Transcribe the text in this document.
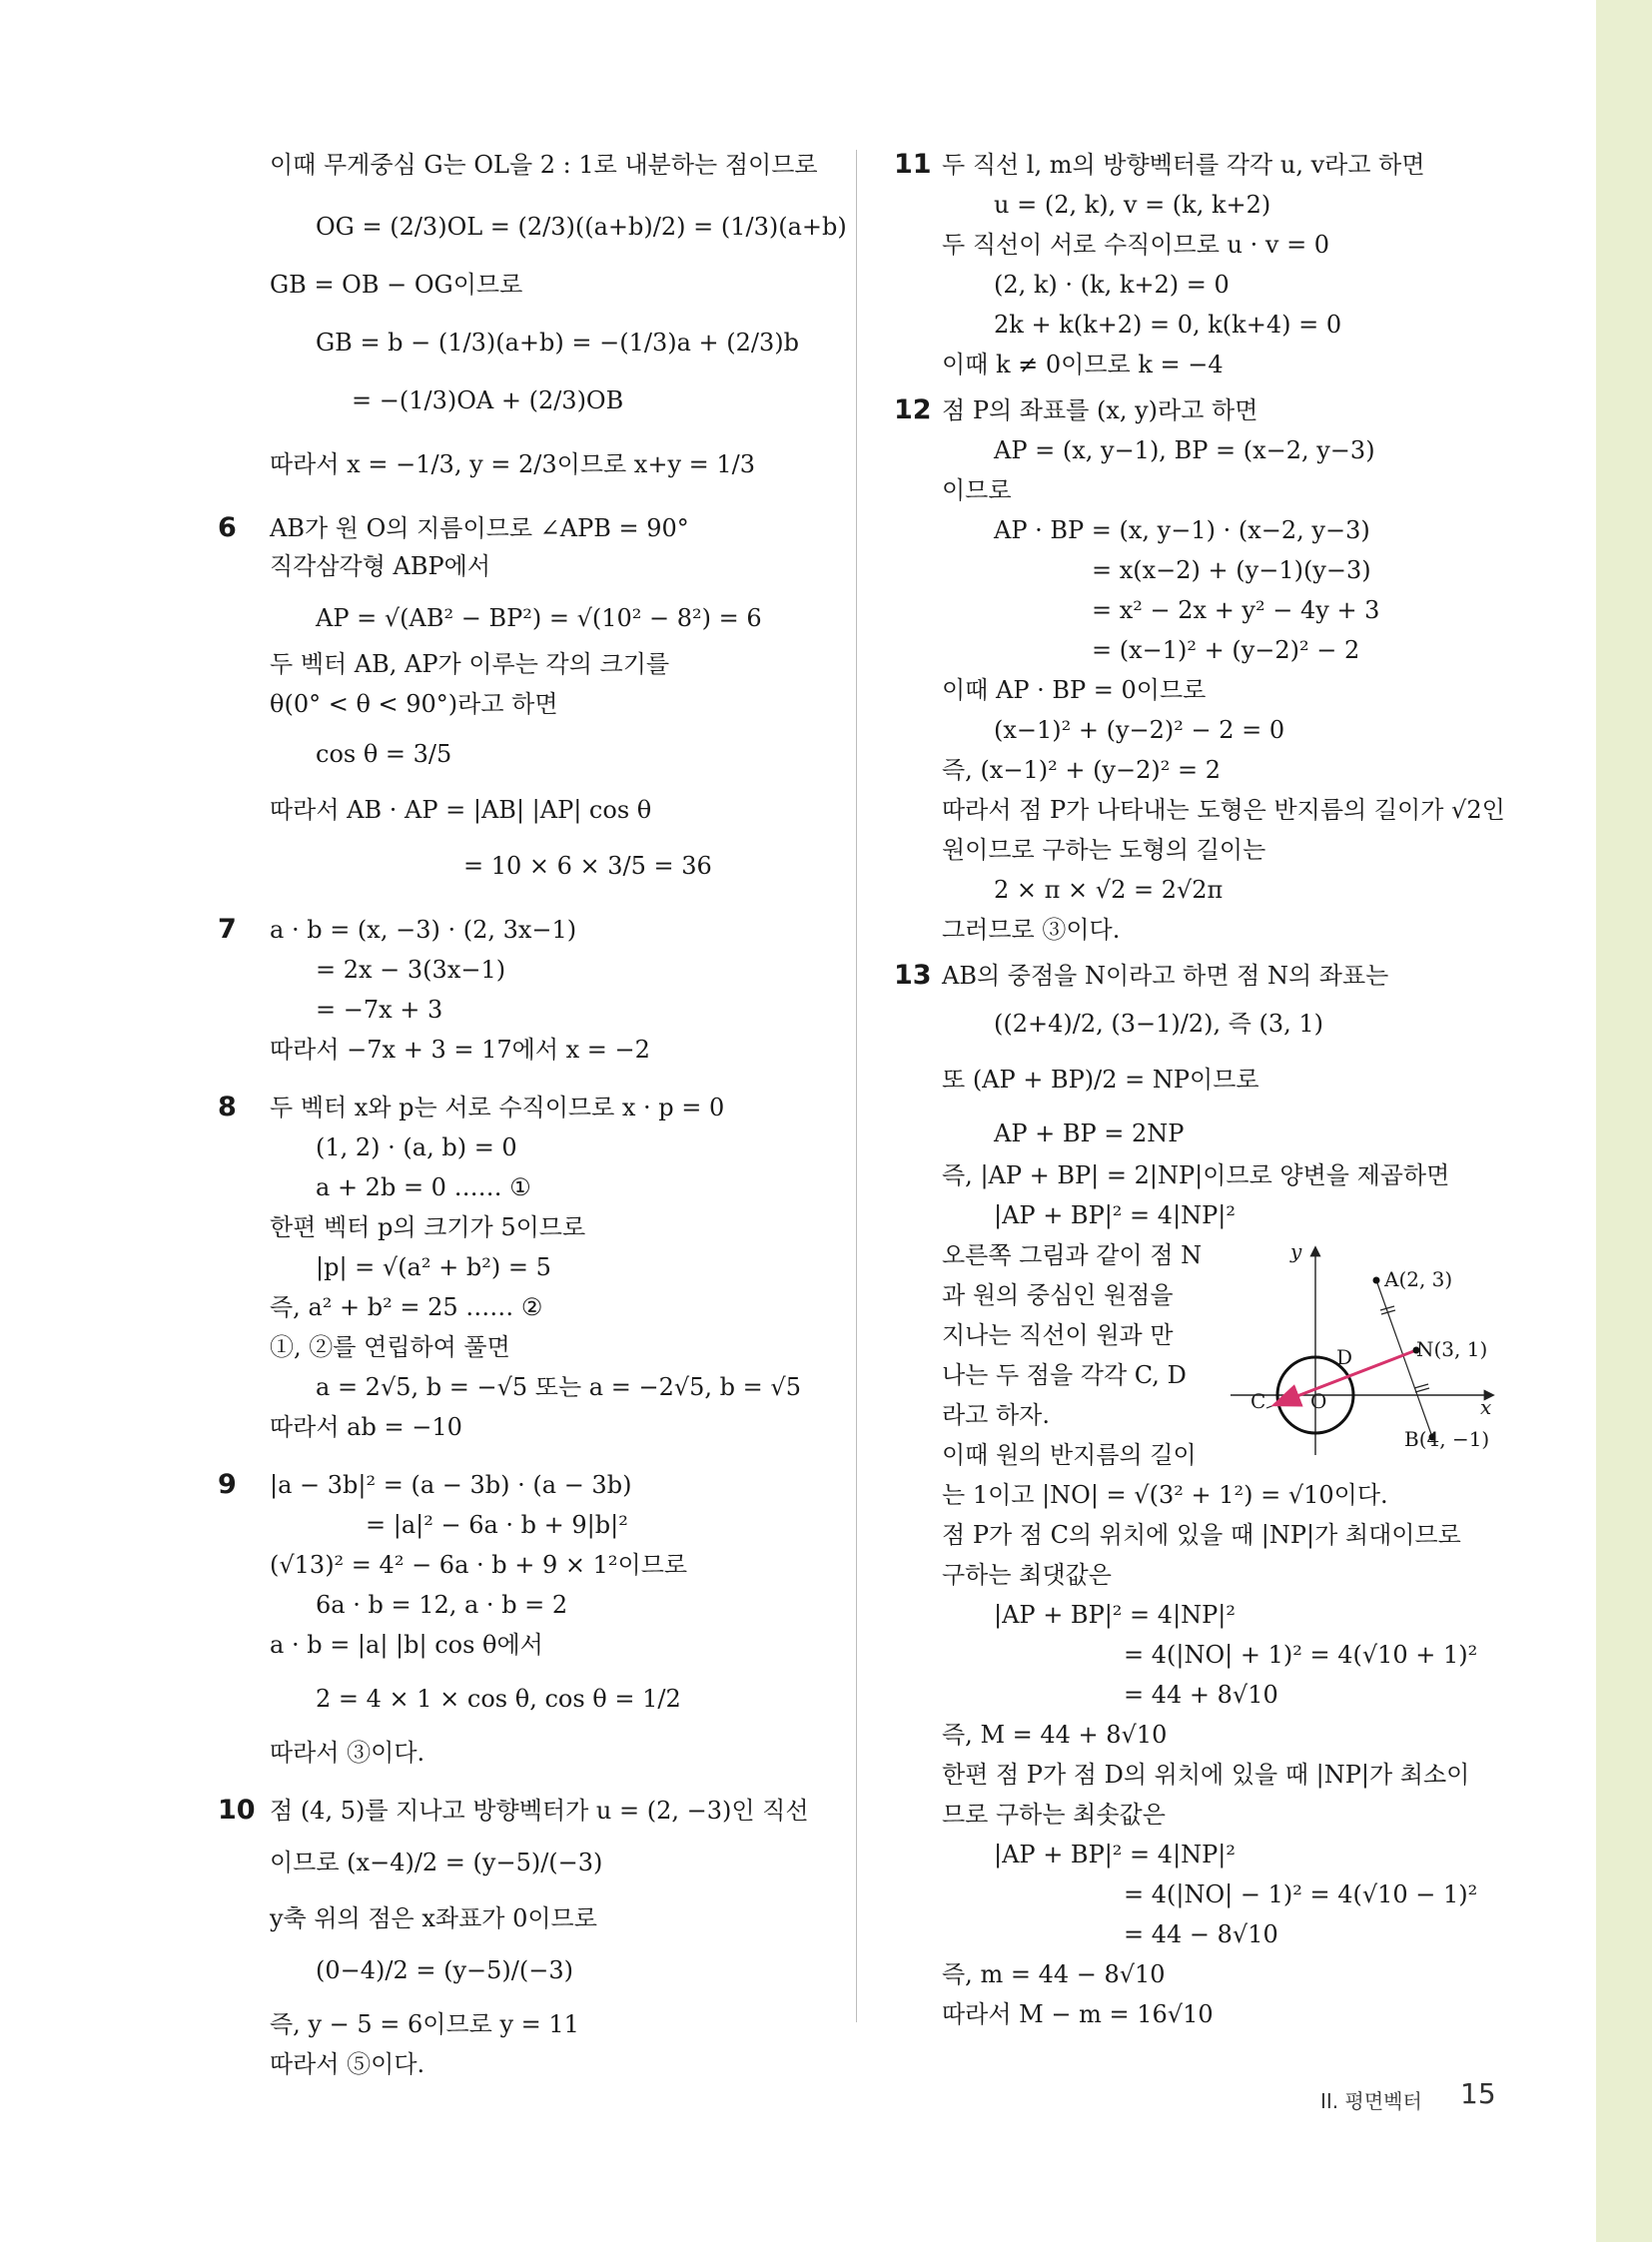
이때 무게중심 G는 OL을 2 : 1로 내분하는 점이므로
OG = (2/3)OL = (2/3)((a+b)/2) = (1/3)(a+b)
GB = OB − OG이므로
GB = b − (1/3)(a+b) = −(1/3)a + (2/3)b
= −(1/3)OA + (2/3)OB
따라서 x = −1/3, y = 2/3이므로 x+y = 1/3
6 AB가 원 O의 지름이므로 ∠APB = 90°
직각삼각형 ABP에서
AP = √(AB² − BP²) = √(10² − 8²) = 6
두 벡터 AB, AP가 이루는 각의 크기를
θ(0° < θ < 90°)라고 하면
cos θ = 3/5
따라서 AB · AP = |AB| |AP| cos θ
= 10 × 6 × 3/5 = 36
7 a · b = (x, −3) · (2, 3x−1)
= 2x − 3(3x−1)
= −7x + 3
따라서 −7x + 3 = 17에서 x = −2
8 두 벡터 x와 p는 서로 수직이므로 x · p = 0
(1, 2) · (a, b) = 0
a + 2b = 0 …… ①
한편 벡터 p의 크기가 5이므로
|p| = √(a² + b²) = 5
즉, a² + b² = 25 …… ②
①, ②를 연립하여 풀면
a = 2√5, b = −√5 또는 a = −2√5, b = √5
따라서 ab = −10
9 |a − 3b|² = (a − 3b) · (a − 3b)
= |a|² − 6a · b + 9|b|²
(√13)² = 4² − 6a · b + 9 × 1²이므로
6a · b = 12, a · b = 2
a · b = |a| |b| cos θ에서
2 = 4 × 1 × cos θ, cos θ = 1/2
따라서 ③이다.
10 점 (4, 5)를 지나고 방향벡터가 u = (2, −3)인 직선
이므로 (x−4)/2 = (y−5)/(−3)
y축 위의 점은 x좌표가 0이므로
(0−4)/2 = (y−5)/(−3)
즉, y − 5 = 6이므로 y = 11
따라서 ⑤이다.
11 두 직선 l, m의 방향벡터를 각각 u, v라고 하면
u = (2, k), v = (k, k+2)
두 직선이 서로 수직이므로 u · v = 0
(2, k) · (k, k+2) = 0
2k + k(k+2) = 0, k(k+4) = 0
이때 k ≠ 0이므로 k = −4
12 점 P의 좌표를 (x, y)라고 하면
AP = (x, y−1), BP = (x−2, y−3)
이므로
AP · BP = (x, y−1) · (x−2, y−3)
= x(x−2) + (y−1)(y−3)
= x² − 2x + y² − 4y + 3
= (x−1)² + (y−2)² − 2
이때 AP · BP = 0이므로
(x−1)² + (y−2)² − 2 = 0
즉, (x−1)² + (y−2)² = 2
따라서 점 P가 나타내는 도형은 반지름의 길이가 √2인
원이므로 구하는 도형의 길이는
2 × π × √2 = 2√2π
그러므로 ③이다.
13 AB의 중점을 N이라고 하면 점 N의 좌표는
((2+4)/2, (3−1)/2), 즉 (3, 1)
또 (AP + BP)/2 = NP이므로
AP + BP = 2NP
즉, |AP + BP| = 2|NP|이므로 양변을 제곱하면
|AP + BP|² = 4|NP|²
오른쪽 그림과 같이 점 N
과 원의 중심인 원점을
지나는 직선이 원과 만
나는 두 점을 각각 C, D
라고 하자.
이때 원의 반지름의 길이
는 1이고 |NO| = √(3² + 1²) = √10이다.
점 P가 점 C의 위치에 있을 때 |NP|가 최대이므로
구하는 최댓값은
|AP + BP|² = 4|NP|²
= 4(|NO| + 1)² = 4(√10 + 1)²
= 44 + 8√10
즉, M = 44 + 8√10
한편 점 P가 점 D의 위치에 있을 때 |NP|가 최소이
므로 구하는 최솟값은
|AP + BP|² = 4|NP|²
= 4(|NO| − 1)² = 4(√10 − 1)²
= 44 − 8√10
즉, m = 44 − 8√10
따라서 M − m = 16√10
y
x
A(2, 3)
N(3, 1)
B(4, −1)
C
D
O
II. 평면벡터 15
